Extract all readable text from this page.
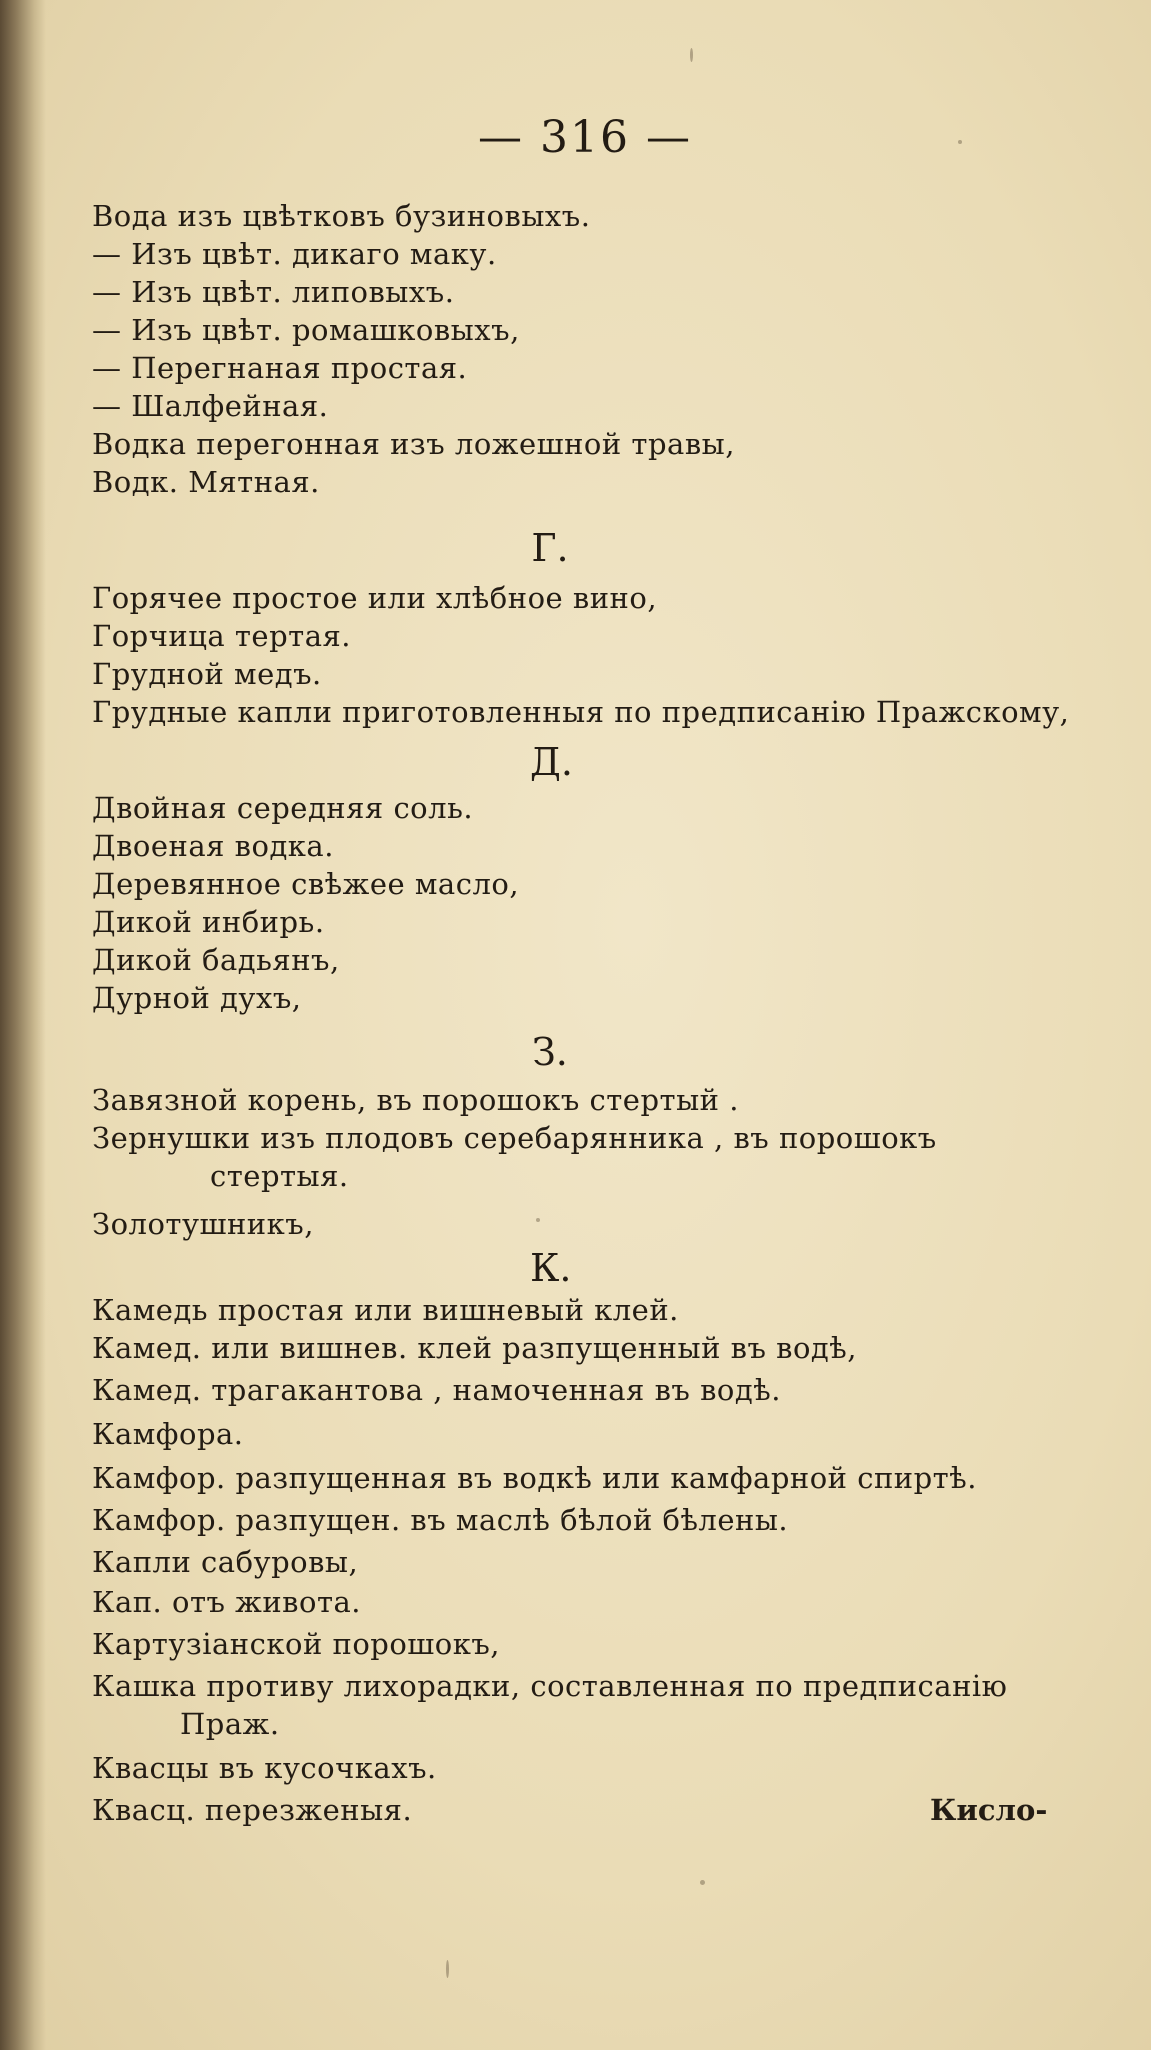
— 316 —
Вода изъ цвѣтковъ бузиновыхъ.
— Изъ цвѣт. дикаго маку.
— Изъ цвѣт. липовыхъ.
— Изъ цвѣт. ромашковыхъ,
— Перегнаная простая.
— Шалфейная.
Водка перегонная изъ ложешной травы,
Водк. Мятная.
Г.
Горячее простое или хлѣбное вино,
Горчица тертая.
Грудной медъ.
Грудные капли приготовленныя по предписанію Пражскому,
Д.
Двойная середняя соль.
Двоеная водка.
Деревянное свѣжее масло,
Дикой инбирь.
Дикой бадьянъ,
Дурной духъ,
З.
Завязной корень, въ порошокъ стертый .
Зернушки изъ плодовъ серебарянника , въ порошокъ
стертыя.
Золотушникъ,
К.
Камедь простая или вишневый клей.
Камед. или вишнев. клей разпущенный въ водѣ,
Камед. трагакантова , намоченная въ водѣ.
Камфора.
Камфор. разпущенная въ водкѣ или камфарной спиртѣ.
Камфор. разпущен. въ маслѣ бѣлой бѣлены.
Капли сабуровы,
Кап. отъ живота.
Картузіанской порошокъ,
Кашка противу лихорадки, составленная по предписанію
Праж.
Квасцы въ кусочкахъ.
Квасц. перезженыя.	Кисло-
